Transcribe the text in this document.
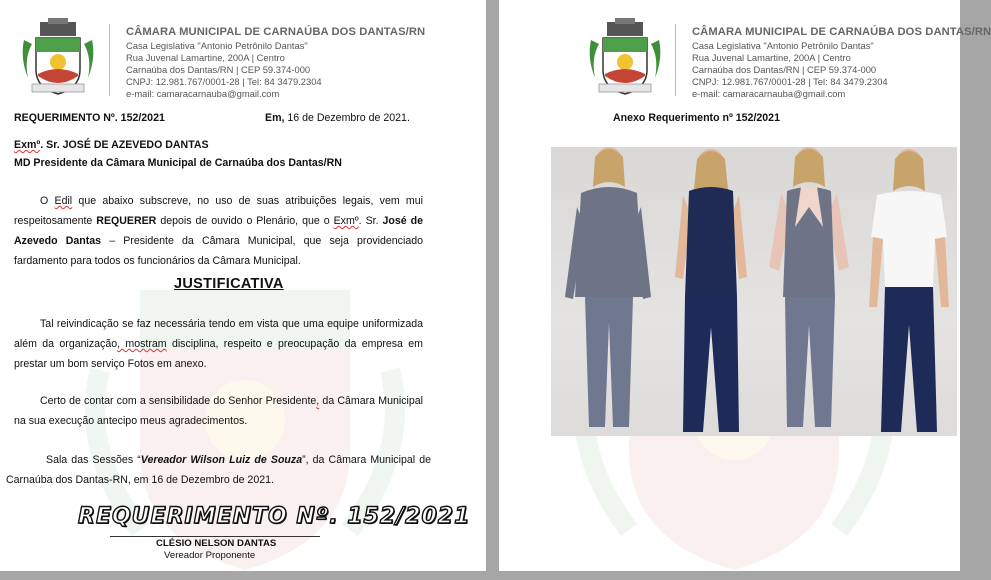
CÂMARA MUNICIPAL DE CARNAÚBA DOS DANTAS/RN
Casa Legislativa "Antonio Petrônilo Dantas"
Rua Juvenal Lamartine, 200A | Centro
Carnaúba dos Dantas/RN | CEP 59.374-000
CNPJ: 12.981.767/0001-28 | Tel: 84 3479.2304
e-mail: camaracarnauba@gmail.com
REQUERIMENTO Nº. 152/2021	Em, 16 de Dezembro de 2021.
Exmº. Sr. JOSÉ DE AZEVEDO DANTAS
MD Presidente da Câmara Municipal de Carnaúba dos Dantas/RN

O Edil que abaixo subscreve, no uso de suas atribuições legais, vem mui respeitosamente REQUERER depois de ouvido o Plenário, que o Exmº. Sr. José de Azevedo Dantas – Presidente da Câmara Municipal, que seja providenciado fardamento para todos os funcionários da Câmara Municipal.

JUSTIFICATIVA

Tal reivindicação se faz necessária tendo em vista que uma equipe uniformizada além da organização, mostram disciplina, respeito e preocupação da empresa em prestar um bom serviço Fotos em anexo.

Certo de contar com a sensibilidade do Senhor Presidente, da Câmara Municipal na sua execução antecipo meus agradecimentos.

Sala das Sessões “Vereador Wilson Luiz de Souza”, da Câmara Municipal de Carnaúba dos Dantas-RN, em 16 de Dezembro de 2021.

REQUERIMENTO Nº. 152/2021
CLÉSIO NELSON DANTAS
Vereador Proponente
CÂMARA MUNICIPAL DE CARNAÚBA DOS DANTAS/RN
Casa Legislativa "Antonio Petrônilo Dantas"
Rua Juvenal Lamartine, 200A | Centro
Carnaúba dos Dantas/RN | CEP 59.374-000
CNPJ: 12.981.767/0001-28 | Tel: 84 3479.2304
e-mail: camaracarnauba@gmail.com
Anexo Requerimento nº 152/2021
